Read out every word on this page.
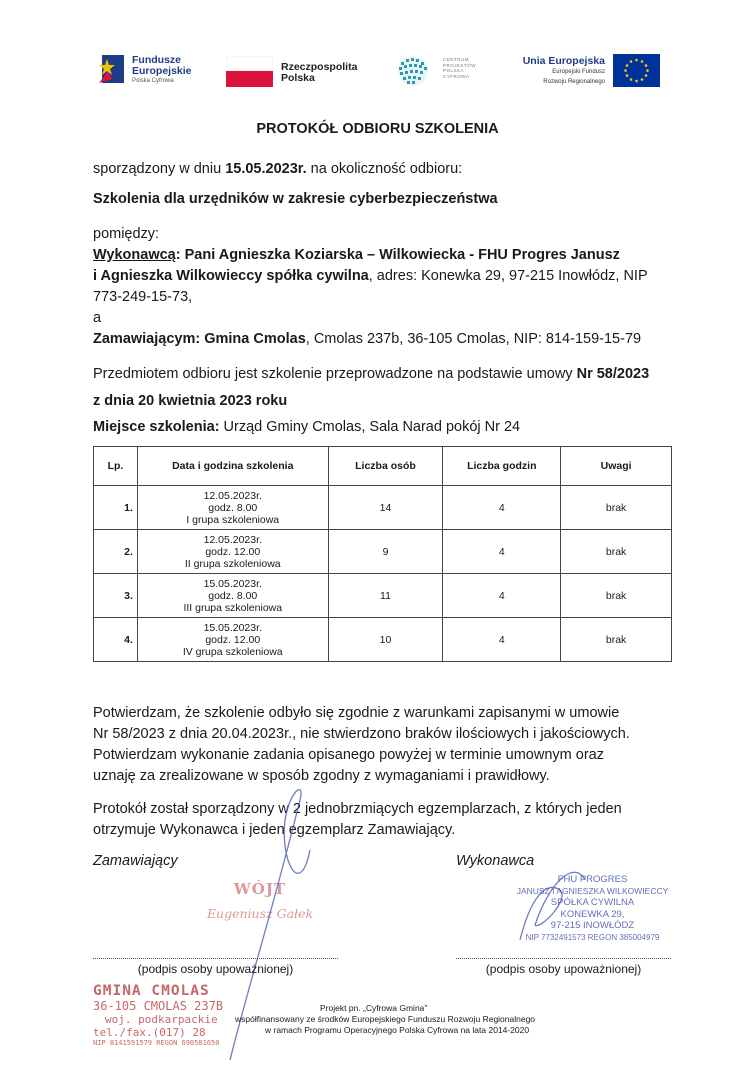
Fundusze
Europejskie
Polska Cyfrowa
Rzeczpospolita
Polska
CENTRUM
PROJEKTÓW
POLSKA
CYFROWA
Unia Europejska
Europejski Fundusz
Rozwoju Regionalnego
PROTOKÓŁ ODBIORU SZKOLENIA
sporządzony w dniu 15.05.2023r. na okoliczność odbioru:
Szkolenia dla urzędników w zakresie cyberbezpieczeństwa
pomiędzy:
Wykonawcą: Pani Agnieszka Koziarska – Wilkowiecka - FHU Progres Janusz
i Agnieszka Wilkowieccy spółka cywilna, adres: Konewka 29, 97-215 Inowłódz, NIP
773-249-15-73,
a
Zamawiającym: Gmina Cmolas, Cmolas 237b, 36-105 Cmolas, NIP: 814-159-15-79
Przedmiotem odbioru jest szkolenie przeprowadzone na podstawie umowy Nr 58/2023
z dnia 20 kwietnia 2023 roku
Miejsce szkolenia: Urząd Gminy Cmolas, Sala Narad pokój Nr 24
Lp.	Data i godzina szkolenia	Liczba osób	Liczba godzin	Uwagi
1.	12.05.2023r.
godz. 8.00
I grupa szkoleniowa	14	4	brak
2.	12.05.2023r.
godz. 12.00
II grupa szkoleniowa	9	4	brak
3.	15.05.2023r.
godz. 8.00
III grupa szkoleniowa	11	4	brak
4.	15.05.2023r.
godz. 12.00
IV grupa szkoleniowa	10	4	brak
Potwierdzam, że szkolenie odbyło się zgodnie z warunkami zapisanymi w umowie
Nr 58/2023 z dnia 20.04.2023r., nie stwierdzono braków ilościowych i jakościowych.
Potwierdzam wykonanie zadania opisanego powyżej w terminie umownym oraz
uznaję za zrealizowane w sposób zgodny z wymaganiami i prawidłowy.
Protokół został sporządzony w 2 jednobrzmiących egzemplarzach, z których jeden
otrzymuje Wykonawca i jeden egzemplarz Zamawiający.
Zamawiający	Wykonawca
WÓJT
Eugeniusz Gałek
FHU PROGRES
JANUSZ I AGNIESZKA WILKOWIECCY
SPÓŁKA CYWILNA
KONEWKA 29,
97-215 INOWŁÓDZ
NIP 7732491573 REGON 385004979
(podpis osoby upoważnionej)	(podpis osoby upoważnionej)
GMINA CMOLAS
36-105 CMOLAS 237B
woj. podkarpackie
tel./fax.(017) 28
NIP 8141591579 REGON 690581650
Projekt pn. „Cyfrowa Gmina”
współfinansowany ze środków Europejskiego Funduszu Rozwoju Regionalnego
w ramach Programu Operacyjnego Polska Cyfrowa na lata 2014-2020
